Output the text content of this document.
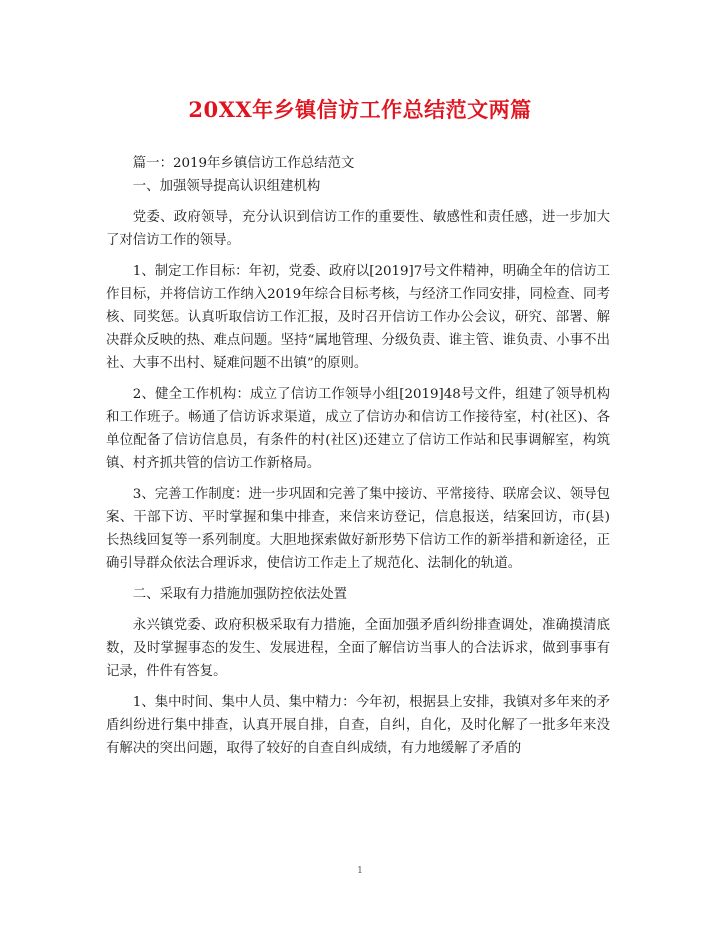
20XX年乡镇信访工作总结范文两篇

篇一：2019年乡镇信访工作总结范文

一、加强领导提高认识组建机构

党委、政府领导，充分认识到信访工作的重要性、敏感性和责任感，进一步加大了对信访工作的领导。

1、制定工作目标：年初，党委、政府以[2019]7号文件精神，明确全年的信访工作目标，并将信访工作纳入2019年综合目标考核，与经济工作同安排，同检查、同考核、同奖惩。认真听取信访工作汇报，及时召开信访工作办公会议，研究、部署、解决群众反映的热、难点问题。坚持“属地管理、分级负责、谁主管、谁负责、小事不出社、大事不出村、疑难问题不出镇”的原则。

2、健全工作机构：成立了信访工作领导小组[2019]48号文件，组建了领导机构和工作班子。畅通了信访诉求渠道，成立了信访办和信访工作接待室，村(社区)、各单位配备了信访信息员，有条件的村(社区)还建立了信访工作站和民事调解室，构筑镇、村齐抓共管的信访工作新格局。

3、完善工作制度：进一步巩固和完善了集中接访、平常接待、联席会议、领导包案、干部下访、平时掌握和集中排查，来信来访登记，信息报送，结案回访，市(县)长热线回复等一系列制度。大胆地探索做好新形势下信访工作的新举措和新途径，正确引导群众依法合理诉求，使信访工作走上了规范化、法制化的轨道。

二、采取有力措施加强防控依法处置

永兴镇党委、政府积极采取有力措施，全面加强矛盾纠纷排查调处，准确摸清底数，及时掌握事态的发生、发展进程，全面了解信访当事人的合法诉求，做到事事有记录，件件有答复。

1、集中时间、集中人员、集中精力：今年初，根据县上安排，我镇对多年来的矛盾纠纷进行集中排查，认真开展自排，自查，自纠，自化，及时化解了一批多年来没有解决的突出问题，取得了较好的自查自纠成绩，有力地缓解了矛盾的

1
